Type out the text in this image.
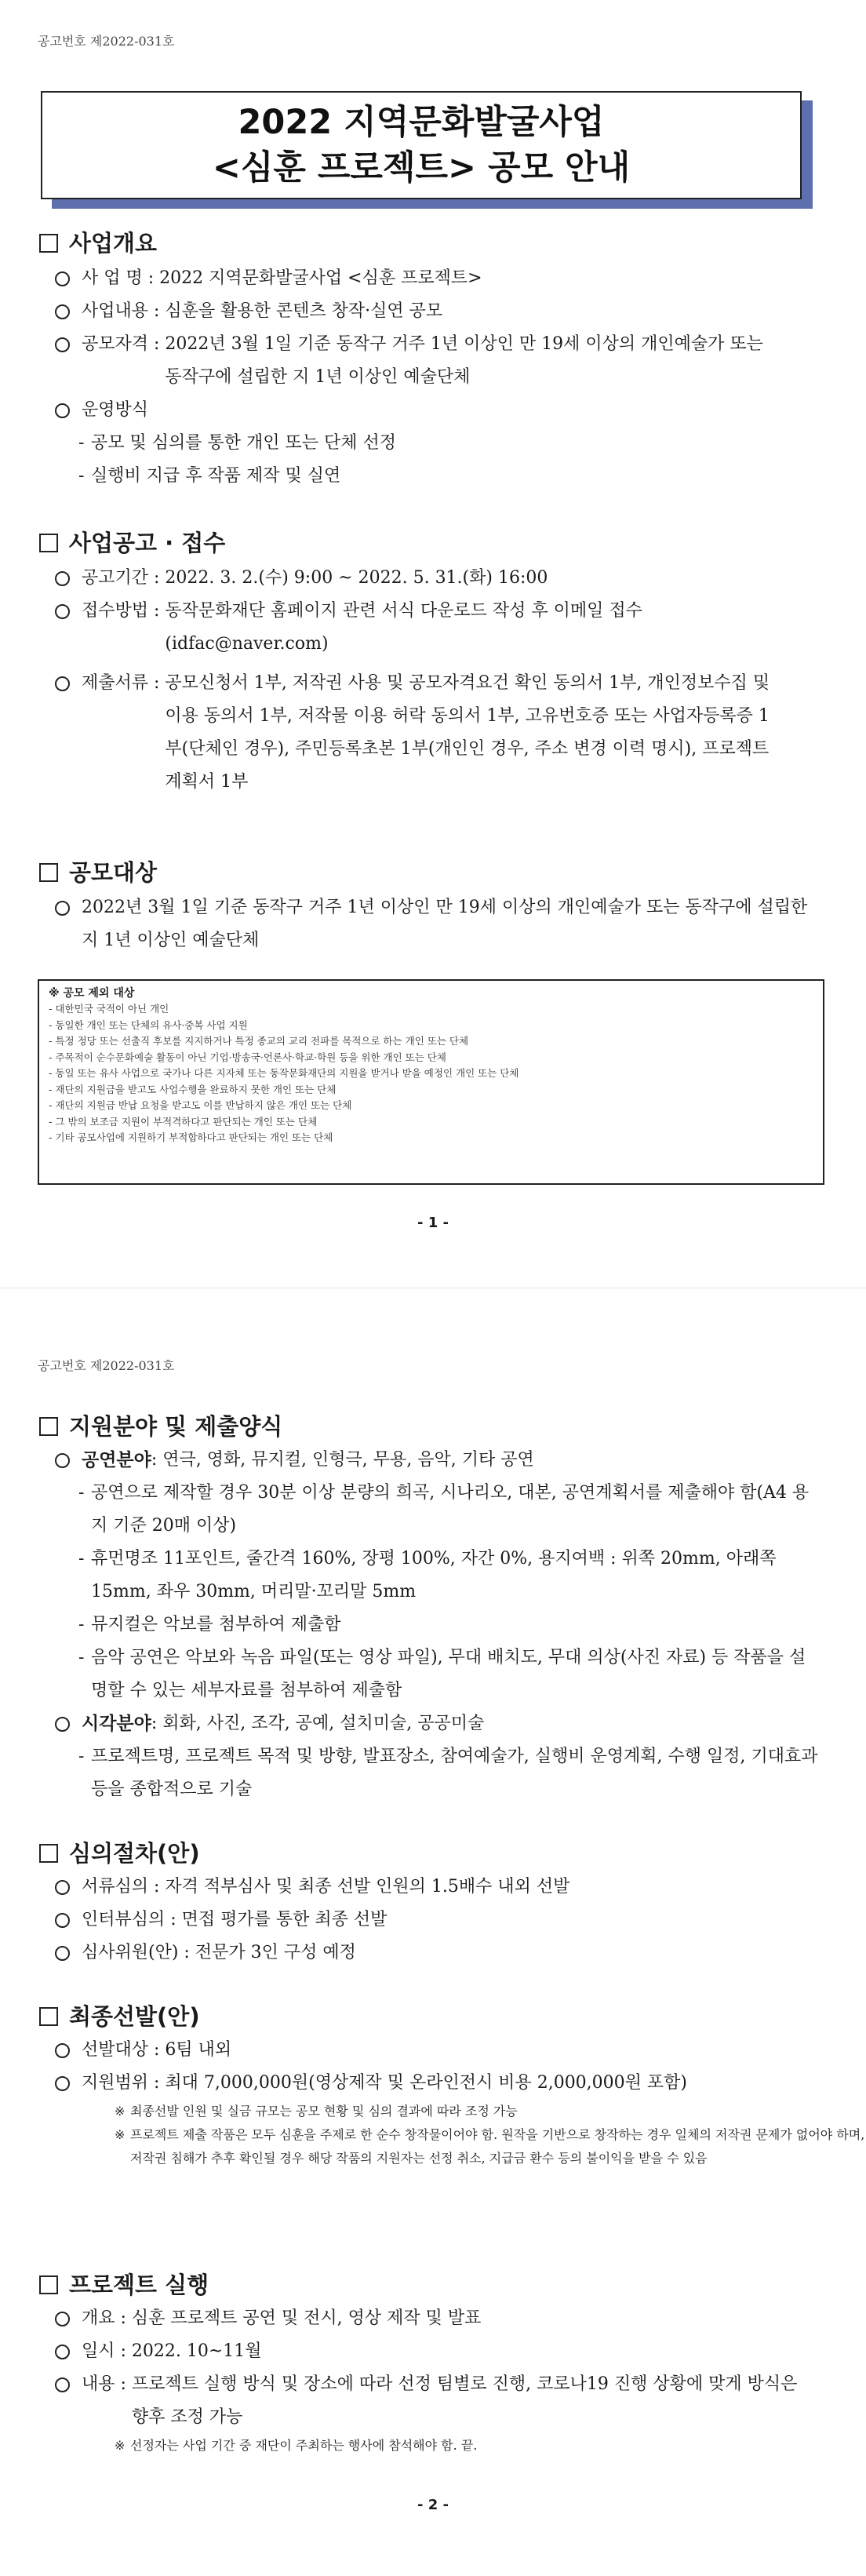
공고번호 제2022-031호
2022 지역문화발굴사업
<심훈 프로젝트> 공모 안내
사업개요
사 업 명 : 2022 지역문화발굴사업 <심훈 프로젝트>
사업내용 : 심훈을 활용한 콘텐츠 창작·실연 공모
공모자격 : 2022년 3월 1일 기준 동작구 거주 1년 이상인 만 19세 이상의 개인예술가 또는 동작구에 설립한 지 1년 이상인 예술단체
운영방식
- 공모 및 심의를 통한 개인 또는 단체 선정
- 실행비 지급 후 작품 제작 및 실연
사업공고 · 접수
공고기간 : 2022. 3. 2.(수) 9:00 ~ 2022. 5. 31.(화) 16:00
접수방법 : 동작문화재단 홈페이지 관련 서식 다운로드 작성 후 이메일 접수(idfac@naver.com)
제출서류 : 공모신청서 1부, 저작권 사용 및 공모자격요건 확인 동의서 1부, 개인정보수집 및 이용 동의서 1부, 저작물 이용 허락 동의서 1부, 고유번호증 또는 사업자등록증 1부(단체인 경우), 주민등록초본 1부(개인인 경우, 주소 변경 이력 명시), 프로젝트 계획서 1부
공모대상
2022년 3월 1일 기준 동작구 거주 1년 이상인 만 19세 이상의 개인예술가 또는 동작구에 설립한 지 1년 이상인 예술단체
※ 공모 제외 대상
- 대한민국 국적이 아닌 개인
- 동일한 개인 또는 단체의 유사·중복 사업 지원
- 특정 정당 또는 선출직 후보를 지지하거나 특정 종교의 교리 전파를 목적으로 하는 개인 또는 단체
- 주목적이 순수문화예술 활동이 아닌 기업·방송국·언론사·학교·학원 등을 위한 개인 또는 단체
- 동일 또는 유사 사업으로 국가나 다른 지자체 또는 동작문화재단의 지원을 받거나 받을 예정인 개인 또는 단체
- 재단의 지원금을 받고도 사업수행을 완료하지 못한 개인 또는 단체
- 재단의 지원금 반납 요청을 받고도 이를 반납하지 않은 개인 또는 단체
- 그 밖의 보조금 지원이 부적격하다고 판단되는 개인 또는 단체
- 기타 공모사업에 지원하기 부적합하다고 판단되는 개인 또는 단체
- 1 -
공고번호 제2022-031호
지원분야 및 제출양식
공연분야 : 연극, 영화, 뮤지컬, 인형극, 무용, 음악, 기타 공연
- 공연으로 제작할 경우 30분 이상 분량의 희곡, 시나리오, 대본, 공연계획서를 제출해야 함(A4 용지 기준 20매 이상)
- 휴먼명조 11포인트, 줄간격 160%, 장평 100%, 자간 0%, 용지여백 : 위쪽 20mm, 아래쪽 15mm, 좌우 30mm, 머리말·꼬리말 5mm
- 뮤지컬은 악보를 첨부하여 제출함
- 음악 공연은 악보와 녹음 파일(또는 영상 파일), 무대 배치도, 무대 의상(사진 자료) 등 작품을 설명할 수 있는 세부자료를 첨부하여 제출함
시각분야 : 회화, 사진, 조각, 공예, 설치미술, 공공미술
- 프로젝트명, 프로젝트 목적 및 방향, 발표장소, 참여예술가, 실행비 운영계획, 수행 일정, 기대효과 등을 종합적으로 기술
심의절차(안)
서류심의 : 자격 적부심사 및 최종 선발 인원의 1.5배수 내외 선발
인터뷰심의 : 면접 평가를 통한 최종 선발
심사위원(안) : 전문가 3인 구성 예정
최종선발(안)
선발대상 : 6팀 내외
지원범위 : 최대 7,000,000원(영상제작 및 온라인전시 비용 2,000,000원 포함)
※ 최종선발 인원 및 실금 규모는 공모 현황 및 심의 결과에 따라 조정 가능
※ 프로젝트 제출 작품은 모두 심훈을 주제로 한 순수 창작물이어야 함. 원작을 기반으로 창작하는 경우 일체의 저작권 문제가 없어야 하며, 저작권 침해가 추후 확인될 경우 해당 작품의 지원자는 선정 취소, 지급금 환수 등의 불이익을 받을 수 있음
프로젝트 실행
개요 : 심훈 프로젝트 공연 및 전시, 영상 제작 및 발표
일시 : 2022. 10~11월
내용 : 프로젝트 실행 방식 및 장소에 따라 선정 팀별로 진행, 코로나19 진행 상황에 맞게 방식은 향후 조정 가능
※ 선정자는 사업 기간 중 재단이 주최하는 행사에 참석해야 함. 끝.
- 2 -
